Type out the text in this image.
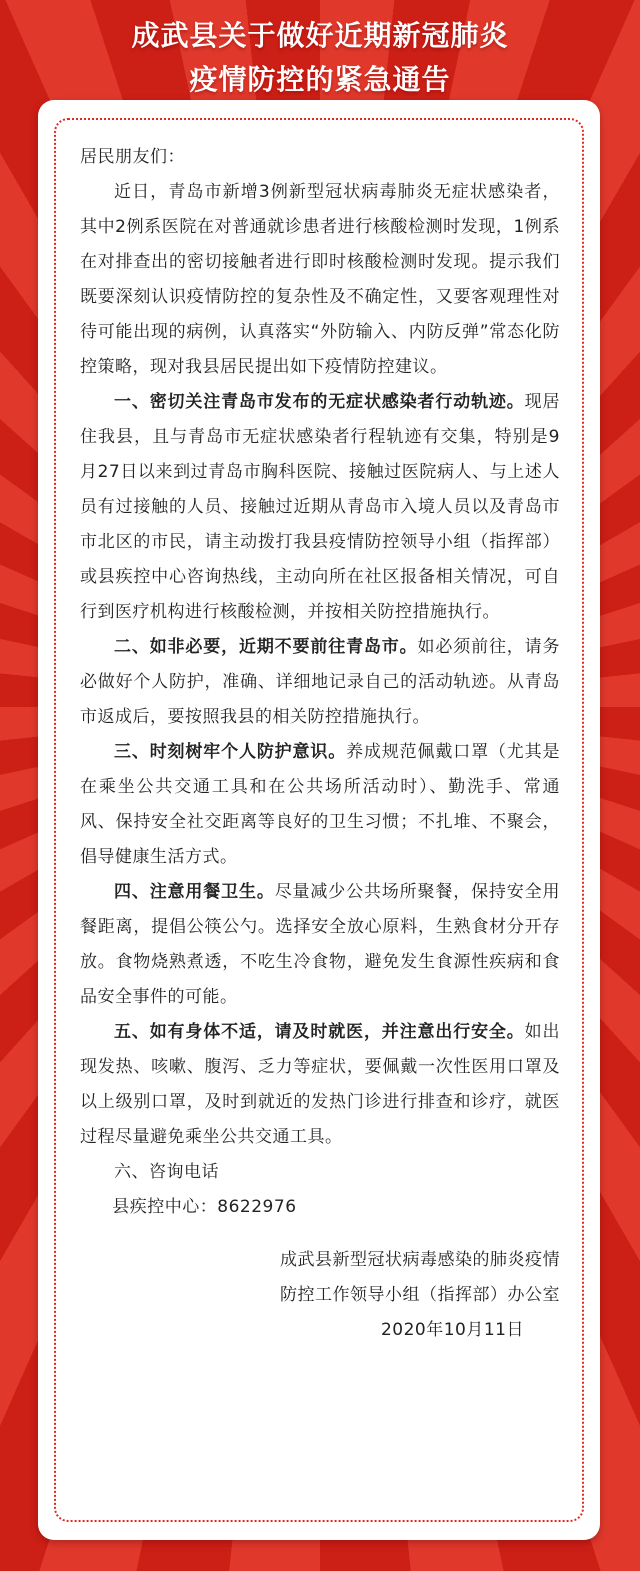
成武县关于做好近期新冠肺炎
疫情防控的紧急通告

居民朋友们：

近日，青岛市新增3例新型冠状病毒肺炎无症状感染者，其中2例系医院在对普通就诊患者进行核酸检测时发现，1例系在对排查出的密切接触者进行即时核酸检测时发现。提示我们既要深刻认识疫情防控的复杂性及不确定性，又要客观理性对待可能出现的病例，认真落实“外防输入、内防反弹”常态化防控策略，现对我县居民提出如下疫情防控建议。

一、密切关注青岛市发布的无症状感染者行动轨迹。现居住我县，且与青岛市无症状感染者行程轨迹有交集，特别是9月27日以来到过青岛市胸科医院、接触过医院病人、与上述人员有过接触的人员、接触过近期从青岛市入境人员以及青岛市市北区的市民，请主动拨打我县疫情防控领导小组（指挥部）或县疾控中心咨询热线，主动向所在社区报备相关情况，可自行到医疗机构进行核酸检测，并按相关防控措施执行。

二、如非必要，近期不要前往青岛市。如必须前往，请务必做好个人防护，准确、详细地记录自己的活动轨迹。从青岛市返成后，要按照我县的相关防控措施执行。

三、时刻树牢个人防护意识。养成规范佩戴口罩（尤其是在乘坐公共交通工具和在公共场所活动时）、勤洗手、常通风、保持安全社交距离等良好的卫生习惯；不扎堆、不聚会，倡导健康生活方式。

四、注意用餐卫生。尽量减少公共场所聚餐，保持安全用餐距离，提倡公筷公勺。选择安全放心原料，生熟食材分开存放。食物烧熟煮透，不吃生冷食物，避免发生食源性疾病和食品安全事件的可能。

五、如有身体不适，请及时就医，并注意出行安全。如出现发热、咳嗽、腹泻、乏力等症状，要佩戴一次性医用口罩及以上级别口罩，及时到就近的发热门诊进行排查和诊疗，就医过程尽量避免乘坐公共交通工具。

六、咨询电话

县疾控中心：8622976

成武县新型冠状病毒感染的肺炎疫情

防控工作领导小组（指挥部）办公室

2020年10月11日
